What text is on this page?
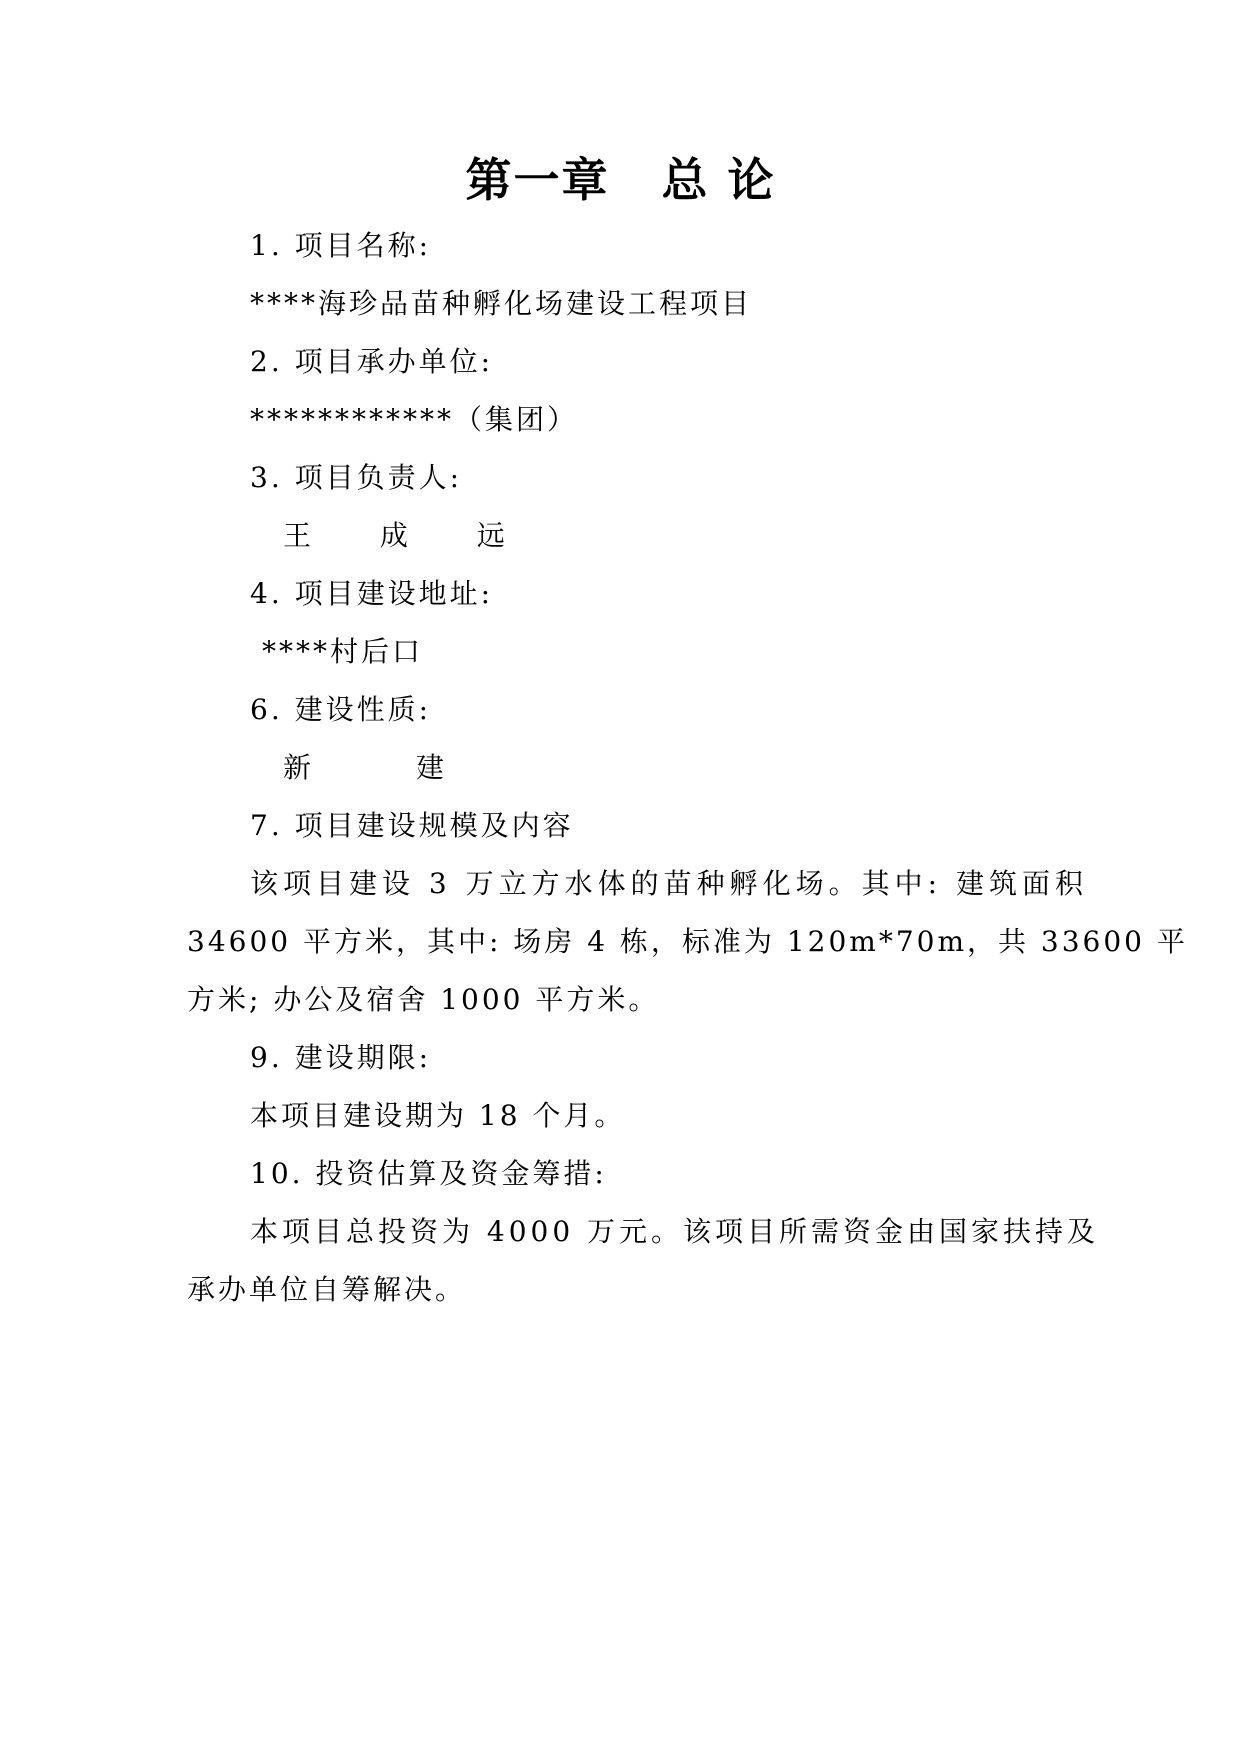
第一章 总 论
1. 项目名称:
****海珍品苗种孵化场建设工程项目
2. 项目承办单位:
************（集团）
3. 项目负责人:
王 成 远
4. 项目建设地址:
****村后口
6. 建设性质:
新 建
7. 项目建设规模及内容
该项目建设 3 万立方水体的苗种孵化场。其中: 建筑面积
34600 平方米，其中: 场房 4 栋，标准为 120m*70m，共 33600 平
方米; 办公及宿舍 1000 平方米。
9. 建设期限:
本项目建设期为 18 个月。
10. 投资估算及资金筹措:
本项目总投资为 4000 万元。该项目所需资金由国家扶持及
承办单位自筹解决。
